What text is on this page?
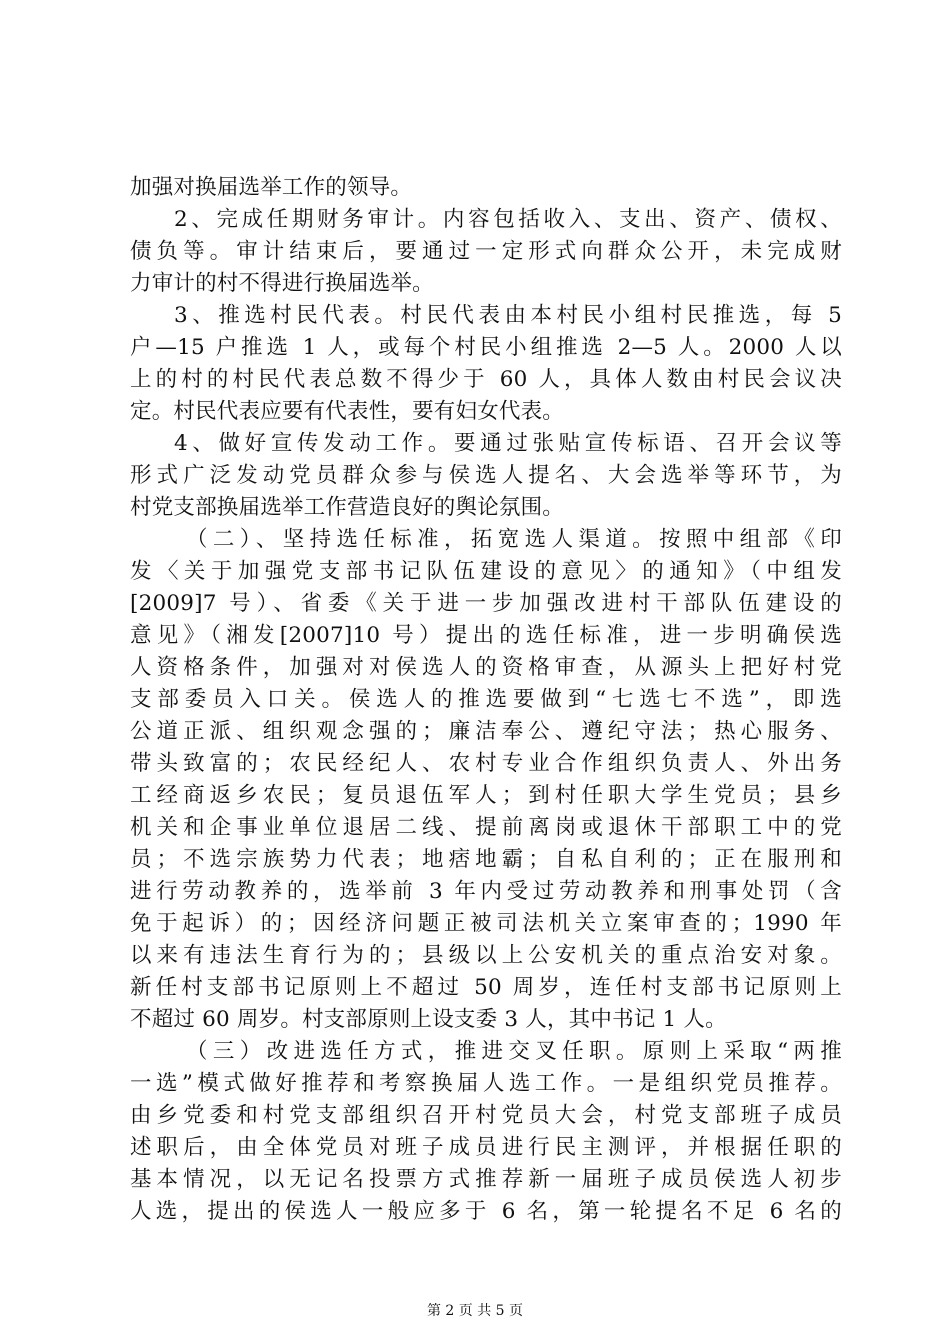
加强对换届选举工作的领导。
2、完成任期财务审计。内容包括收入、支出、资产、债权、
债负等。审计结束后，要通过一定形式向群众公开，未完成财
力审计的村不得进行换届选举。
3、推选村民代表。村民代表由本村民小组村民推选，每 5
户—15 户推选 1 人，或每个村民小组推选 2—5 人。2000 人以
上的村的村民代表总数不得少于 60 人，具体人数由村民会议决
定。村民代表应要有代表性，要有妇女代表。
4、做好宣传发动工作。要通过张贴宣传标语、召开会议等
形式广泛发动党员群众参与侯选人提名、大会选举等环节，为
村党支部换届选举工作营造良好的舆论氛围。
（二）、坚持选任标准，拓宽选人渠道。按照中组部《印
发〈关于加强党支部书记队伍建设的意见〉的通知》（中组发
[2009]7 号）、省委《关于进一步加强改进村干部队伍建设的
意见》（湘发[2007]10 号）提出的选任标准，进一步明确侯选
人资格条件，加强对对侯选人的资格审查，从源头上把好村党
支部委员入口关。侯选人的推选要做到“七选七不选”，即选
公道正派、组织观念强的；廉洁奉公、遵纪守法；热心服务、
带头致富的；农民经纪人、农村专业合作组织负责人、外出务
工经商返乡农民；复员退伍军人；到村任职大学生党员；县乡
机关和企事业单位退居二线、提前离岗或退休干部职工中的党
员；不选宗族势力代表；地痞地霸；自私自利的；正在服刑和
进行劳动教养的，选举前 3 年内受过劳动教养和刑事处罚（含
免于起诉）的；因经济问题正被司法机关立案审查的；1990 年
以来有违法生育行为的；县级以上公安机关的重点治安对象。
新任村支部书记原则上不超过 50 周岁，连任村支部书记原则上
不超过 60 周岁。村支部原则上设支委 3 人，其中书记 1 人。
（三）改进选任方式，推进交叉任职。原则上采取“两推
一选”模式做好推荐和考察换届人选工作。一是组织党员推荐。
由乡党委和村党支部组织召开村党员大会，村党支部班子成员
述职后，由全体党员对班子成员进行民主测评，并根据任职的
基本情况，以无记名投票方式推荐新一届班子成员侯选人初步
人选，提出的侯选人一般应多于 6 名，第一轮提名不足 6 名的
第 2 页 共 5 页
